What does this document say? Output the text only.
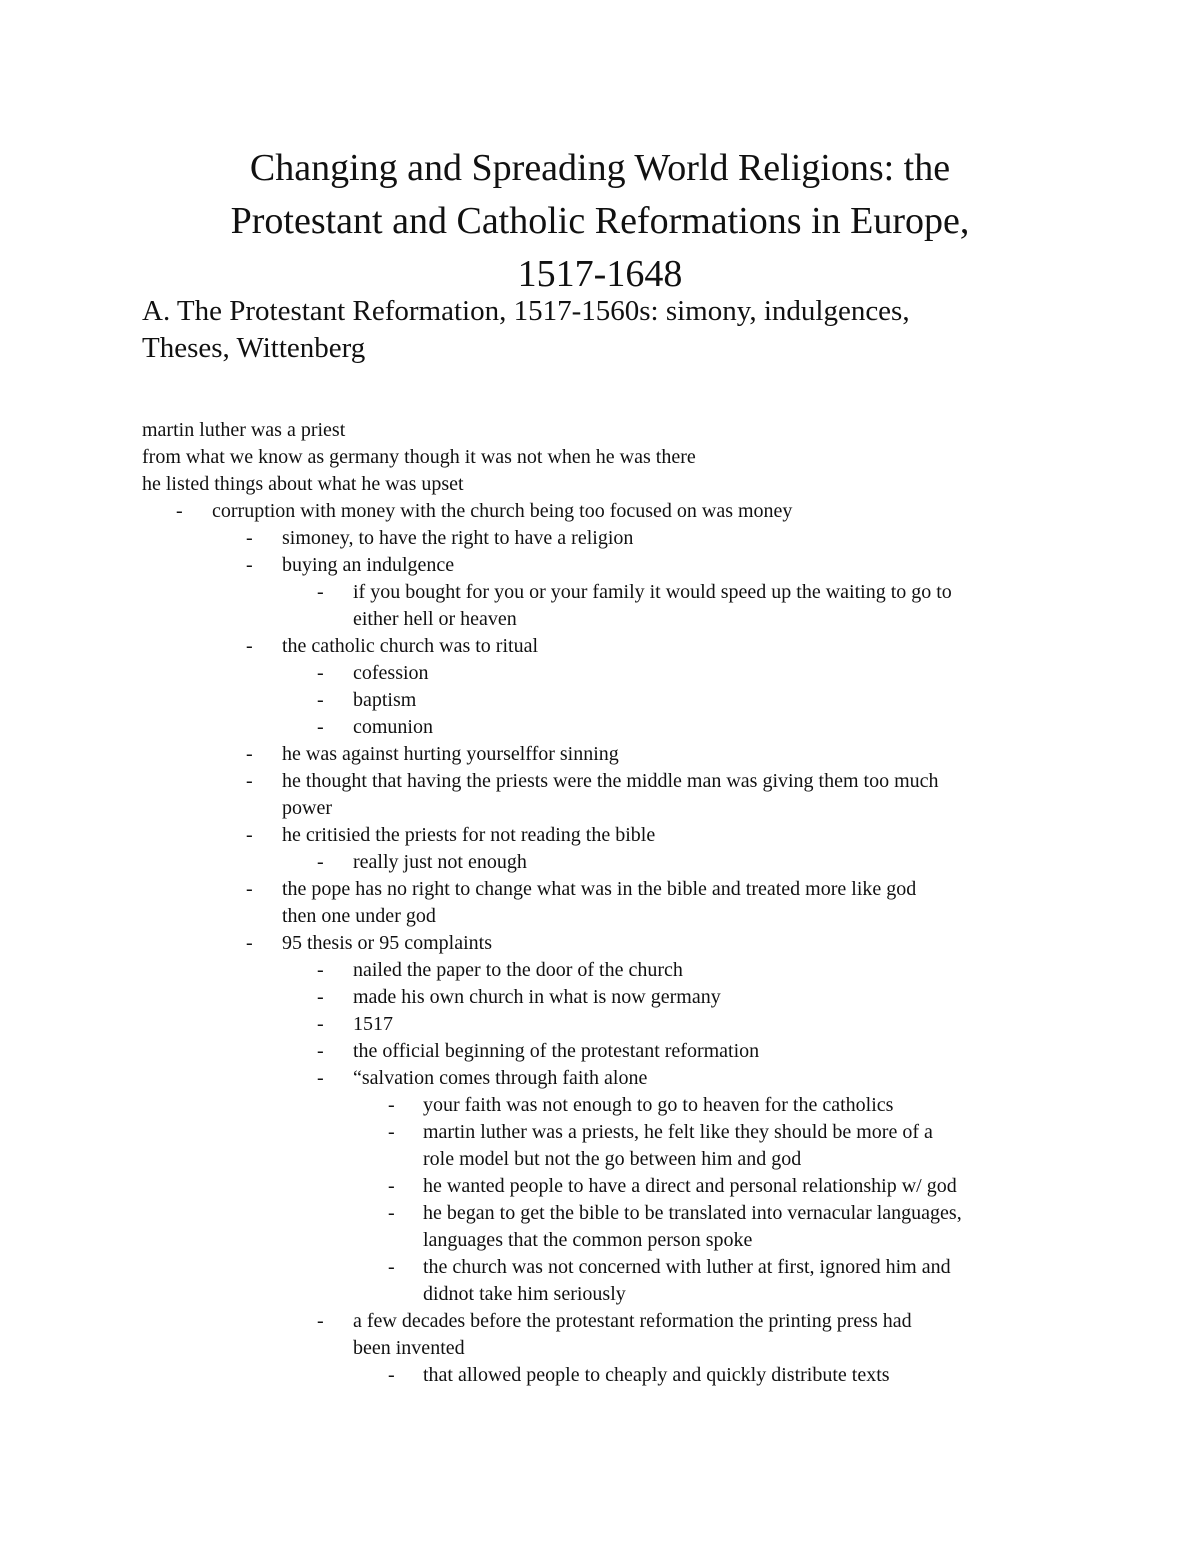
Changing and Spreading World Religions: the
Protestant and Catholic Reformations in Europe,
1517-1648
A. The Protestant Reformation, 1517-1560s: simony, indulgences,
Theses, Wittenberg
martin luther was a priest
from what we know as germany though it was not when he was there
he listed things about what he was upset
- corruption with money with the church being too focused on was money
- simoney, to have the right to have a religion
- buying an indulgence
- if you bought for you or your family it would speed up the waiting to go to
either hell or heaven
- the catholic church was to ritual
- cofession
- baptism
- comunion
- he was against hurting yourselffor sinning
- he thought that having the priests were the middle man was giving them too much
power
- he critisied the priests for not reading the bible
- really just not enough
- the pope has no right to change what was in the bible and treated more like god
then one under god
- 95 thesis or 95 complaints
- nailed the paper to the door of the church
- made his own church in what is now germany
- 1517
- the official beginning of the protestant reformation
- “salvation comes through faith alone
- your faith was not enough to go to heaven for the catholics
- martin luther was a priests, he felt like they should be more of a
role model but not the go between him and god
- he wanted people to have a direct and personal relationship w/ god
- he began to get the bible to be translated into vernacular languages,
languages that the common person spoke
- the church was not concerned with luther at first, ignored him and
didnot take him seriously
- a few decades before the protestant reformation the printing press had
been invented
- that allowed people to cheaply and quickly distribute texts
